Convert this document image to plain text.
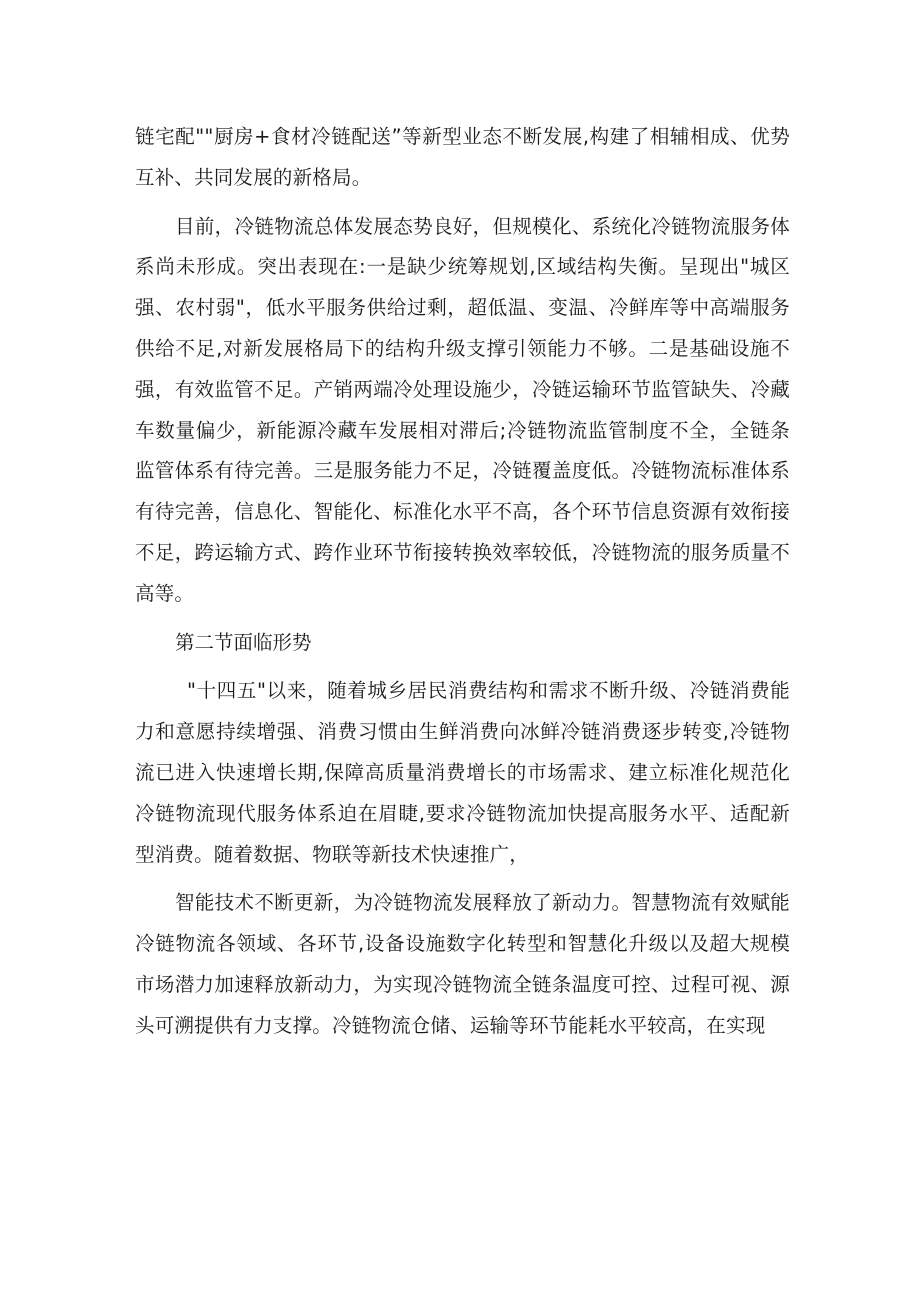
链宅配""厨房+食材冷链配送”等新型业态不断发展,构建了相辅相成、优势互补、共同发展的新格局。

目前，冷链物流总体发展态势良好，但规模化、系统化冷链物流服务体系尚未形成。突出表现在:一是缺少统筹规划,区域结构失衡。呈现出"城区强、农村弱"，低水平服务供给过剩，超低温、变温、冷鲜库等中高端服务供给不足,对新发展格局下的结构升级支撑引领能力不够。二是基础设施不强，有效监管不足。产销两端冷处理设施少，冷链运输环节监管缺失、冷藏车数量偏少，新能源冷藏车发展相对滞后;冷链物流监管制度不全，全链条监管体系有待完善。三是服务能力不足，冷链覆盖度低。冷链物流标准体系有待完善，信息化、智能化、标准化水平不高，各个环节信息资源有效衔接不足，跨运输方式、跨作业环节衔接转换效率较低，冷链物流的服务质量不高等。

第二节面临形势

"十四五"以来，随着城乡居民消费结构和需求不断升级、冷链消费能力和意愿持续增强、消费习惯由生鲜消费向冰鲜冷链消费逐步转变,冷链物流已进入快速增长期,保障高质量消费增长的市场需求、建立标准化规范化冷链物流现代服务体系迫在眉睫,要求冷链物流加快提高服务水平、适配新型消费。随着数据、物联等新技术快速推广，

智能技术不断更新，为冷链物流发展释放了新动力。智慧物流有效赋能冷链物流各领域、各环节,设备设施数字化转型和智慧化升级以及超大规模市场潜力加速释放新动力，为实现冷链物流全链条温度可控、过程可视、源头可溯提供有力支撑。冷链物流仓储、运输等环节能耗水平较高，在实现
